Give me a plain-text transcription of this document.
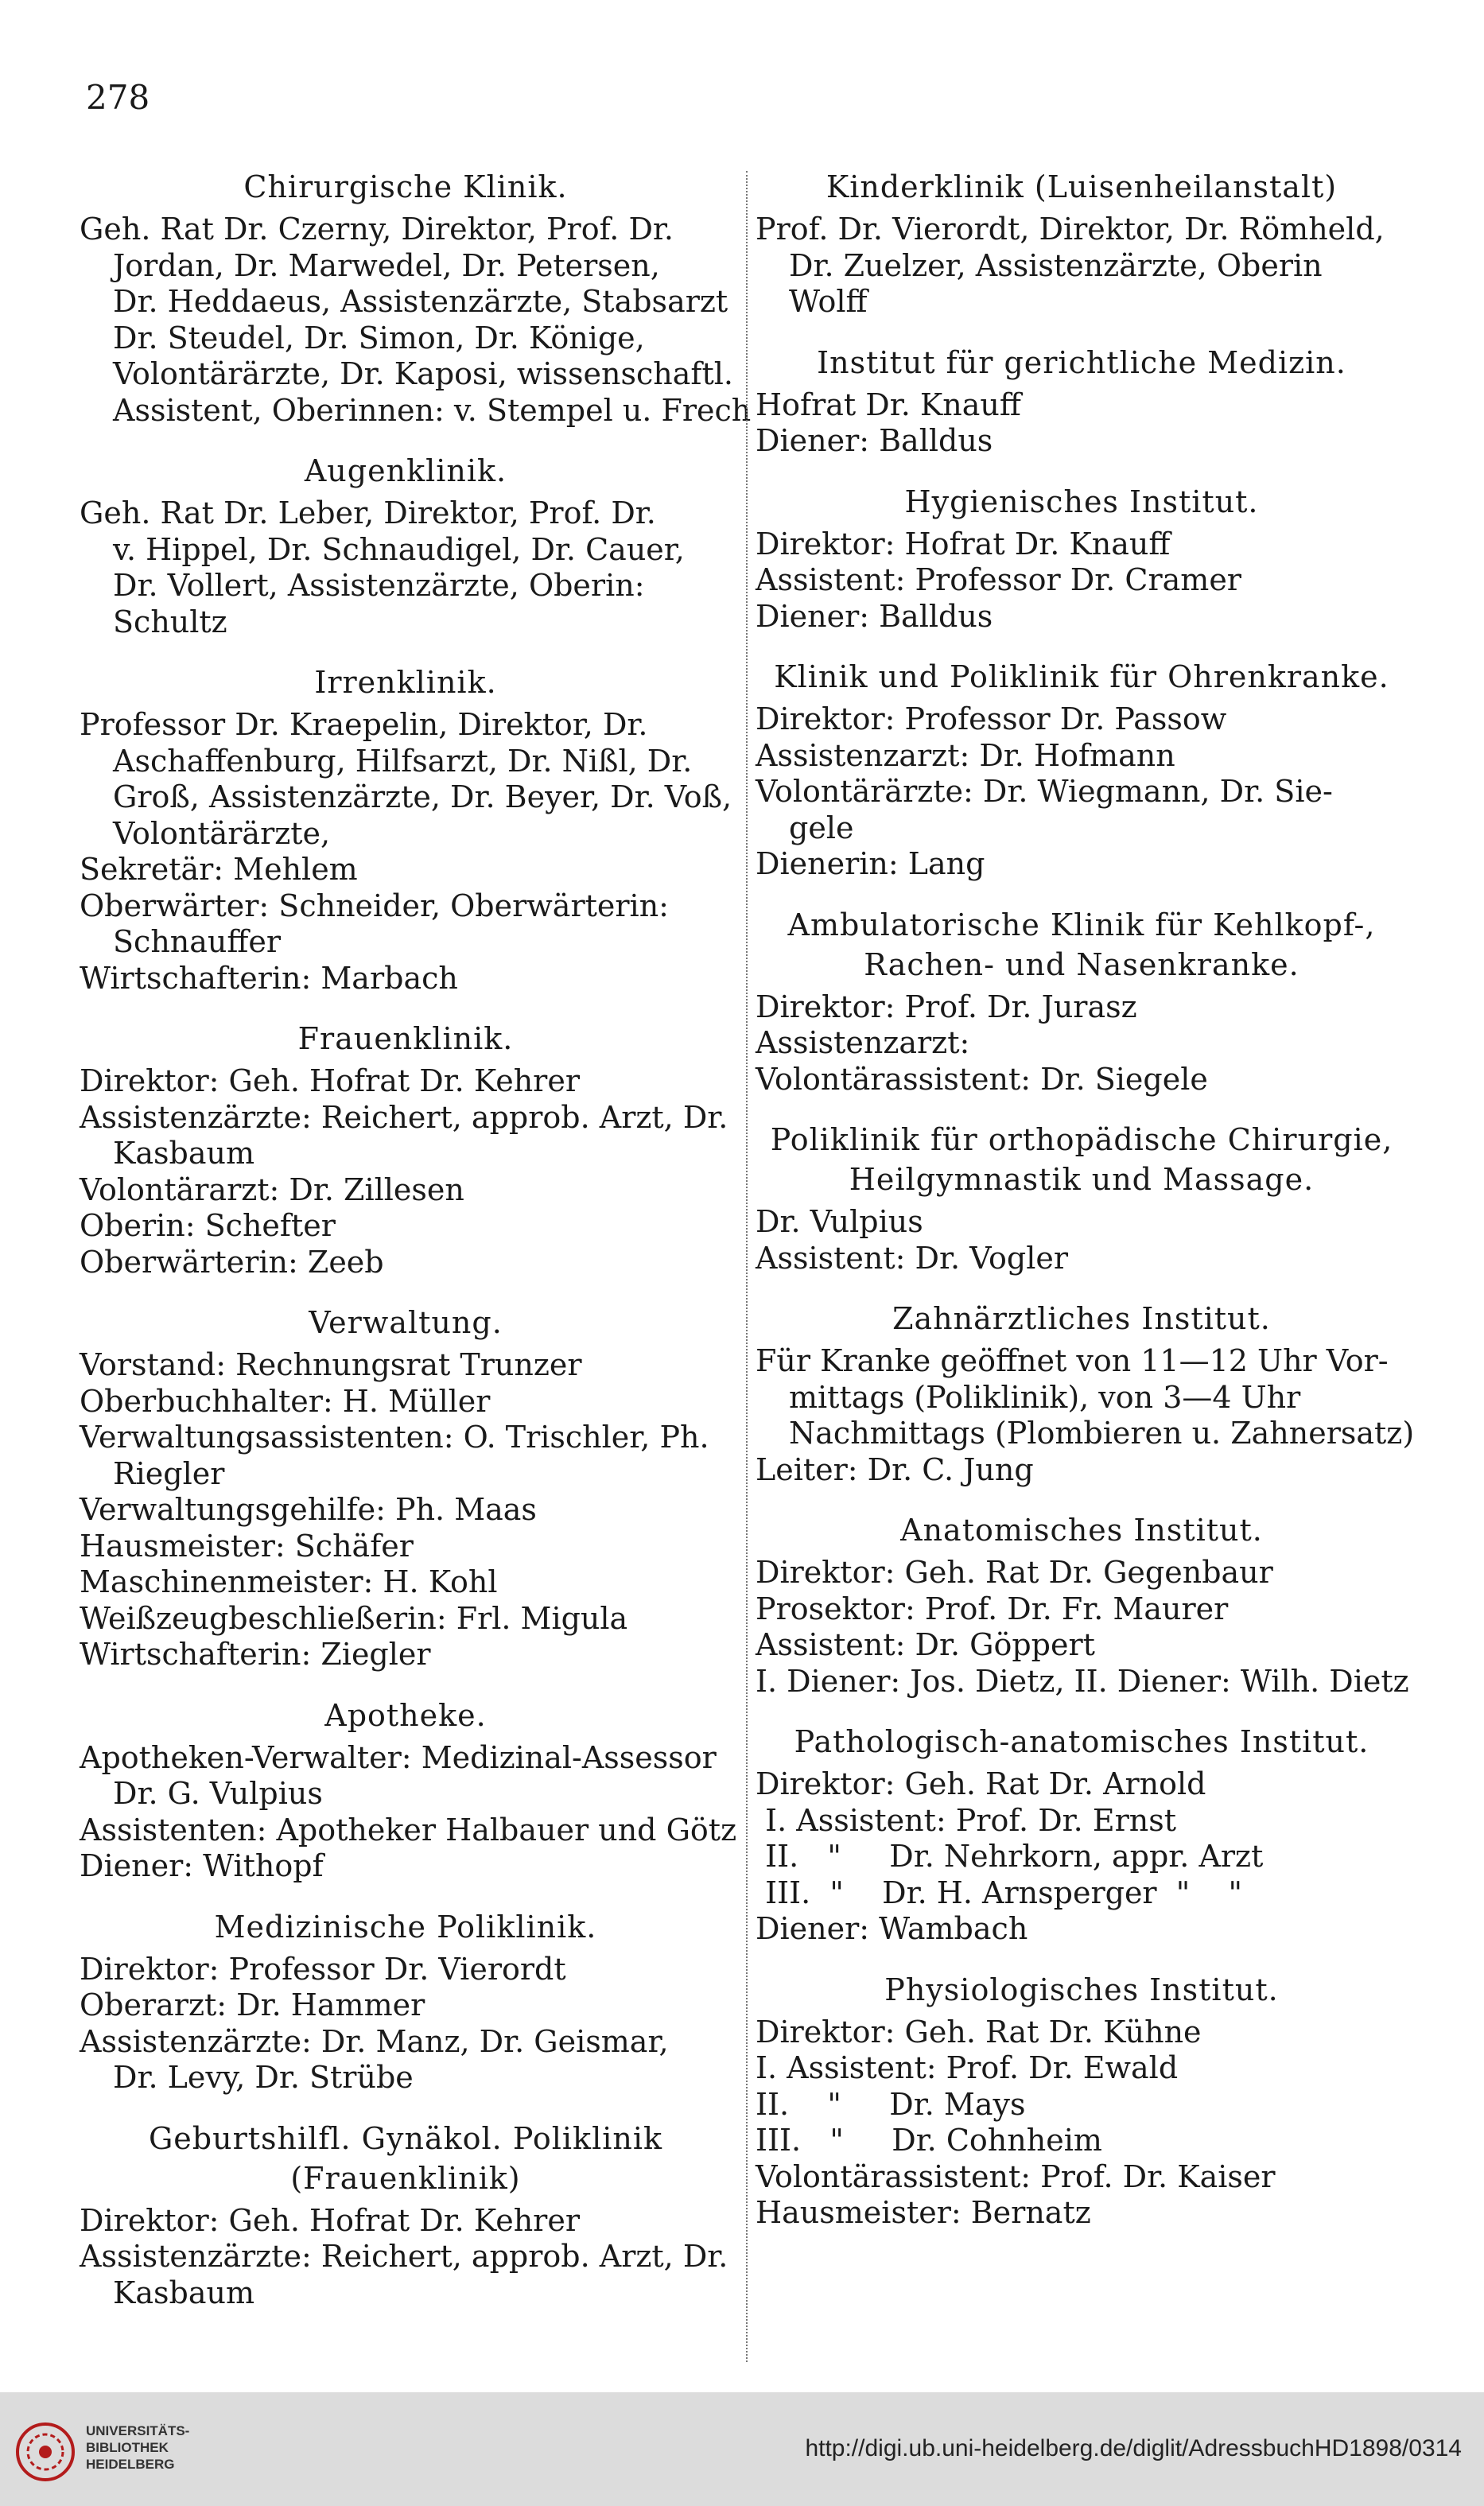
278
Chirurgische Klinik.
Geh. Rat Dr. Czerny, Direktor, Prof. Dr.
Jordan, Dr. Marwedel, Dr. Petersen,
Dr. Heddaeus, Assistenzärzte, Stabsarzt
Dr. Steudel, Dr. Simon, Dr. Könige,
Volontärärzte, Dr. Kaposi, wissenschaftl.
Assistent, Oberinnen: v. Stempel u. Frech
Augenklinik.
Geh. Rat Dr. Leber, Direktor, Prof. Dr.
v. Hippel, Dr. Schnaudigel, Dr. Cauer,
Dr. Vollert, Assistenzärzte, Oberin:
Schultz
Irrenklinik.
Professor Dr. Kraepelin, Direktor, Dr.
Aschaffenburg, Hilfsarzt, Dr. Nißl, Dr.
Groß, Assistenzärzte, Dr. Beyer, Dr. Voß,
Volontärärzte,
Sekretär: Mehlem
Oberwärter: Schneider, Oberwärterin:
Schnauffer
Wirtschafterin: Marbach
Frauenklinik.
Direktor: Geh. Hofrat Dr. Kehrer
Assistenzärzte: Reichert, approb. Arzt, Dr.
Kasbaum
Volontärarzt: Dr. Zillesen
Oberin: Schefter
Oberwärterin: Zeeb
Verwaltung.
Vorstand: Rechnungsrat Trunzer
Oberbuchhalter: H. Müller
Verwaltungsassistenten: O. Trischler, Ph.
Riegler
Verwaltungsgehilfe: Ph. Maas
Hausmeister: Schäfer
Maschinenmeister: H. Kohl
Weißzeugbeschließerin: Frl. Migula
Wirtschafterin: Ziegler
Apotheke.
Apotheken-Verwalter: Medizinal-Assessor
Dr. G. Vulpius
Assistenten: Apotheker Halbauer und Götz
Diener: Withopf
Medizinische Poliklinik.
Direktor: Professor Dr. Vierordt
Oberarzt: Dr. Hammer
Assistenzärzte: Dr. Manz, Dr. Geismar,
Dr. Levy, Dr. Strübe
Geburtshilfl. Gynäkol. Poliklinik
(Frauenklinik)
Direktor: Geh. Hofrat Dr. Kehrer
Assistenzärzte: Reichert, approb. Arzt, Dr.
Kasbaum
Kinderklinik (Luisenheilanstalt)
Prof. Dr. Vierordt, Direktor, Dr. Römheld,
Dr. Zuelzer, Assistenzärzte, Oberin
Wolff
Institut für gerichtliche Medizin.
Hofrat Dr. Knauff
Diener: Balldus
Hygienisches Institut.
Direktor: Hofrat Dr. Knauff
Assistent: Professor Dr. Cramer
Diener: Balldus
Klinik und Poliklinik für Ohrenkranke.
Direktor: Professor Dr. Passow
Assistenzarzt: Dr. Hofmann
Volontärärzte: Dr. Wiegmann, Dr. Sie-
gele
Dienerin: Lang
Ambulatorische Klinik für Kehlkopf-,
Rachen- und Nasenkranke.
Direktor: Prof. Dr. Jurasz
Assistenzarzt:
Volontärassistent: Dr. Siegele
Poliklinik für orthopädische Chirurgie,
Heilgymnastik und Massage.
Dr. Vulpius
Assistent: Dr. Vogler
Zahnärztliches Institut.
Für Kranke geöffnet von 11—12 Uhr Vor-
mittags (Poliklinik), von 3—4 Uhr
Nachmittags (Plombieren u. Zahnersatz)
Leiter: Dr. C. Jung
Anatomisches Institut.
Direktor: Geh. Rat Dr. Gegenbaur
Prosektor: Prof. Dr. Fr. Maurer
Assistent: Dr. Göppert
I. Diener: Jos. Dietz, II. Diener: Wilh. Dietz
Pathologisch-anatomisches Institut.
Direktor: Geh. Rat Dr. Arnold
I. Assistent: Prof. Dr. Ernst
II.   "     Dr. Nehrkorn, appr. Arzt
III.  "    Dr. H. Arnsperger  "    "
Diener: Wambach
Physiologisches Institut.
Direktor: Geh. Rat Dr. Kühne
I. Assistent: Prof. Dr. Ewald
II.    "     Dr. Mays
III.   "     Dr. Cohnheim
Volontärassistent: Prof. Dr. Kaiser
Hausmeister: Bernatz
UNIVERSITÄTS-
BIBLIOTHEK
HEIDELBERG
http://digi.ub.uni-heidelberg.de/diglit/AdressbuchHD1898/0314
